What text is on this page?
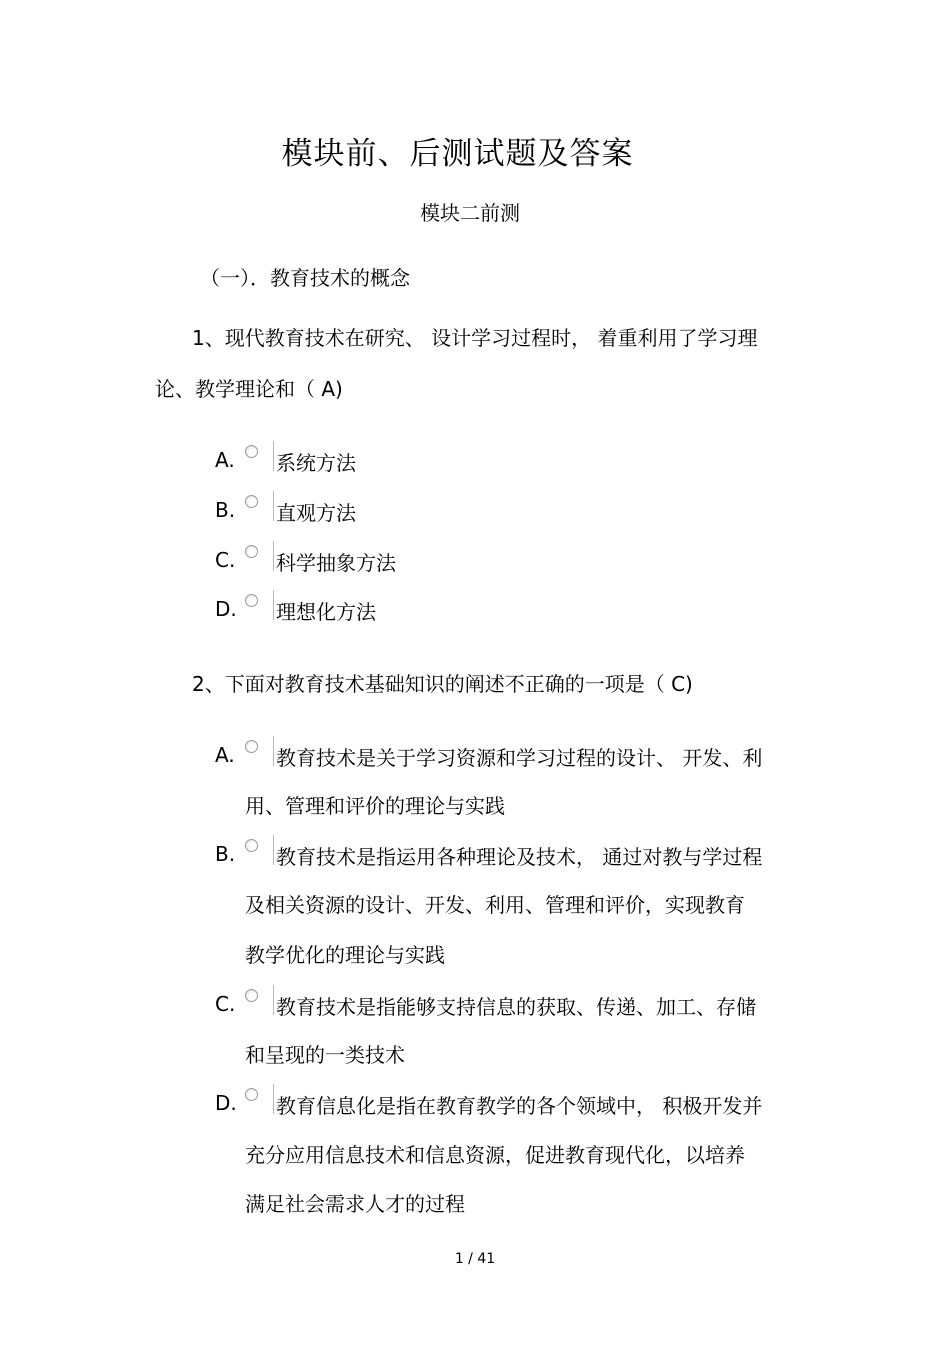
模块前、后测试题及答案
模块二前测
（一）．教育技术的概念
1、现代教育技术在研究、 设计学习过程时， 着重利用了学习理
论、教学理论和（ A)
A. 系统方法
B. 直观方法
C. 科学抽象方法
D. 理想化方法
2、下面对教育技术基础知识的阐述不正确的一项是（ C)
A. 教育技术是关于学习资源和学习过程的设计、 开发、利
用、管理和评价的理论与实践
B. 教育技术是指运用各种理论及技术， 通过对教与学过程
及相关资源的设计、开发、利用、管理和评价，实现教育
教学优化的理论与实践
C. 教育技术是指能够支持信息的获取、传递、加工、存储
和呈现的一类技术
D. 教育信息化是指在教育教学的各个领域中， 积极开发并
充分应用信息技术和信息资源，促进教育现代化，以培养
满足社会需求人才的过程
1 / 41
